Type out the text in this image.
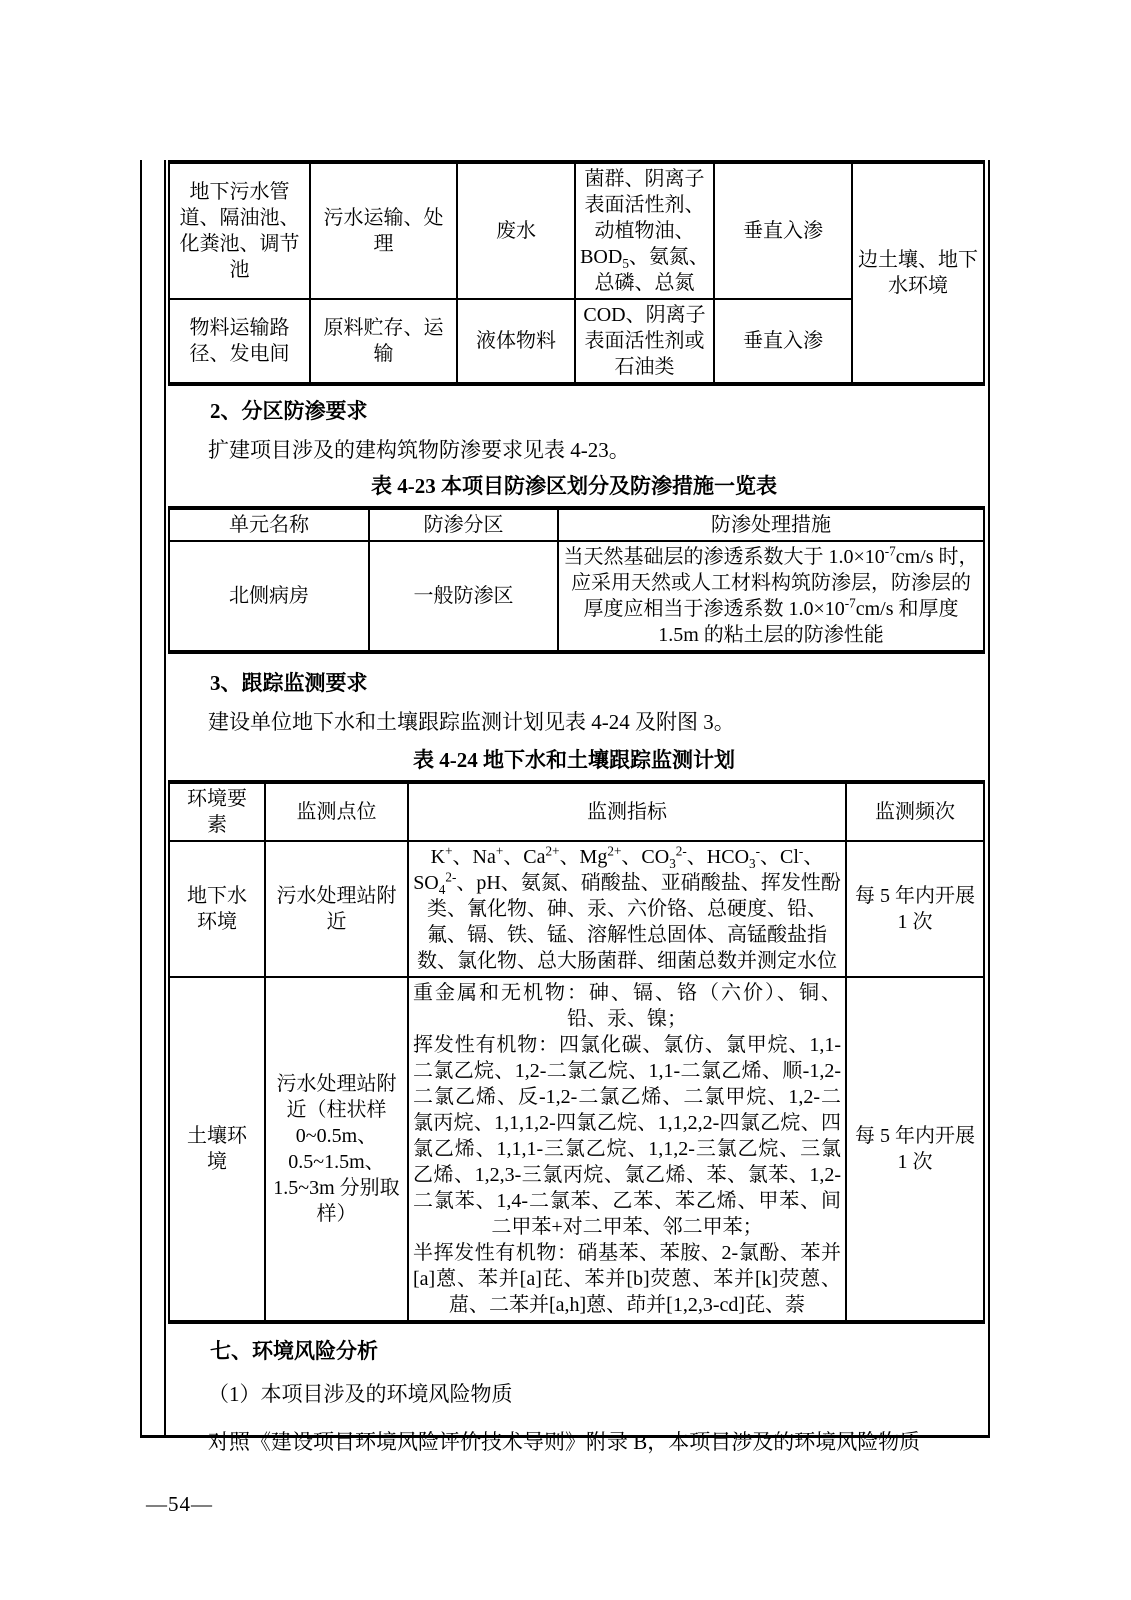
地下污水管道、隔油池、化粪池、调节池	污水运输、处理	废水	菌群、阴离子表面活性剂、动植物油、$BOD_5$、氨氮、总磷、总氮	垂直入渗	边土壤、地下水环境
物料运输路径、发电间	原料贮存、运输	液体物料	COD、阴离子表面活性剂或石油类	垂直入渗	
2、分区防渗要求

扩建项目涉及的建构筑物防渗要求见表 4-23。

表 4-23 本项目防渗区划分及防渗措施一览表
单元名称	防渗分区	防渗处理措施
北侧病房	一般防渗区	当天然基础层的渗透系数大于 $1.0\times 10^{-7}cm/s$ 时，应采用天然或人工材料构筑防渗层，防渗层的厚度应相当于渗透系数 $1.0\times 10^{-7}cm/s$ 和厚度 1.5m 的粘土层的防渗性能
3、跟踪监测要求

建设单位地下水和土壤跟踪监测计划见表 4-24 及附图 3。

表 4-24 地下水和土壤跟踪监测计划
环境要素	监测点位	监测指标	监测频次
地下水环境	污水处理站附近	K+、Na+、$Ca^{2+}$、$Mg^{2+}$、$CO_3^{2-}$、$HCO_3^-$、Cl-、$SO_4^{2-}$、pH、氨氮、硝酸盐、亚硝酸盐、挥发性酚类、氰化物、砷、汞、六价铬、总硬度、铅、氟、镉、铁、锰、溶解性总固体、高锰酸盐指数、氯化物、总大肠菌群、细菌总数并测定水位	每 5 年内开展 1 次
土壤环境	污水处理站附近（柱状样 0~0.5m、0.5~1.5m、1.5~3m 分别取样）	重金属和无机物：砷、镉、铬（六价）、铜、铅、汞、镍；

挥发性有机物：四氯化碳、氯仿、氯甲烷、1,1-二氯乙烷、1,2-二氯乙烷、1,1-二氯乙烯、顺-1,2-二氯乙烯、反-1,2-二氯乙烯、二氯甲烷、1,2-二氯丙烷、1,1,1,2-四氯乙烷、1,1,2,2-四氯乙烷、四氯乙烯、1,1,1-三氯乙烷、1,1,2-三氯乙烷、三氯乙烯、1,2,3-三氯丙烷、氯乙烯、苯、氯苯、1,2-二氯苯、1,4-二氯苯、乙苯、苯乙烯、甲苯、间二甲苯+对二甲苯、邻二甲苯；

半挥发性有机物：硝基苯、苯胺、2-氯酚、苯并[a]蒽、苯并[a]芘、苯并[b]荧蒽、苯并[k]荧蒽、䓛、二苯并[a,h]蒽、茚并[1,2,3-cd]芘、萘	每 5 年内开展 1 次
七、环境风险分析

（1）本项目涉及的环境风险物质

对照《建设项目环境风险评价技术导则》附录 B，本项目涉及的环境风险物质

—54—
